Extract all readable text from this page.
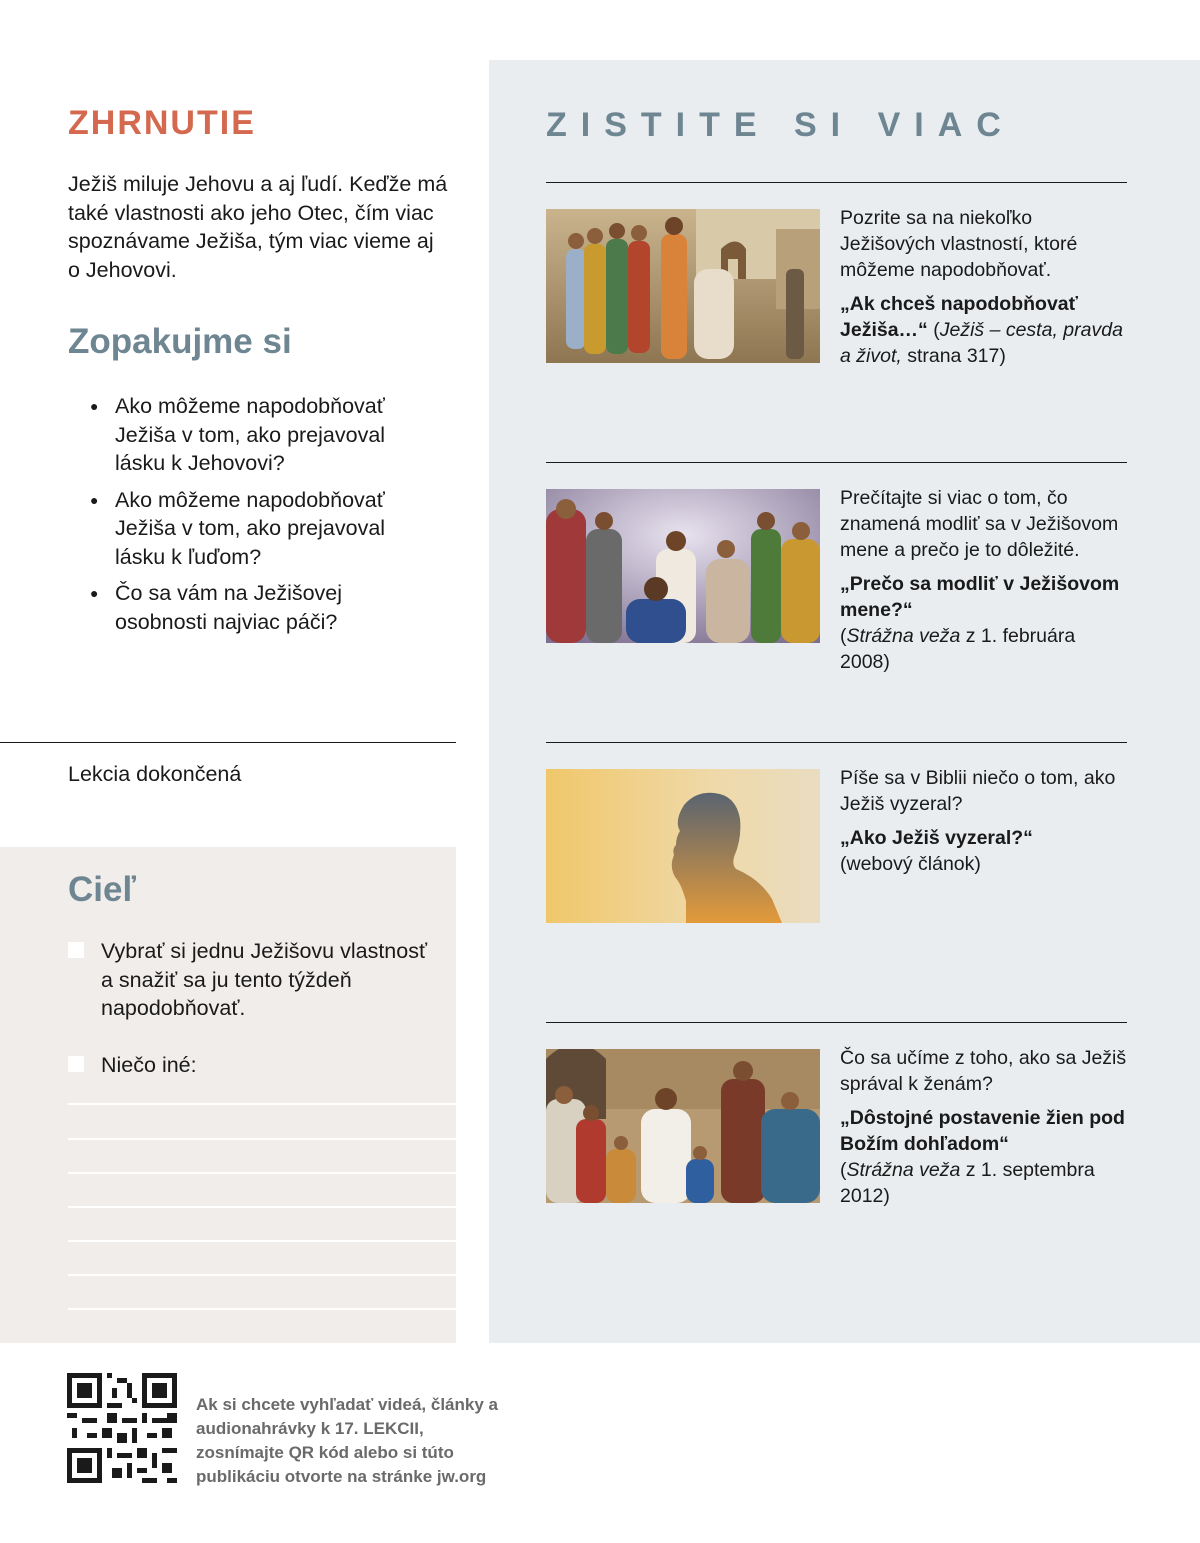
ZHRNUTIE
Ježiš miluje Jehovu a aj ľudí. Keďže má také vlastnosti ako jeho Otec, čím viac spoznávame Ježiša, tým viac vieme aj o Jehovovi.
Zopakujme si
● Ako môžeme napodobňovať Ježiša v tom, ako prejavoval lásku k Jehovovi?
● Ako môžeme napodobňovať Ježiša v tom, ako prejavoval lásku k ľuďom?
● Čo sa vám na Ježišovej osobnosti najviac páči?
Lekcia dokončená
Cieľ
Vybrať si jednu Ježišovu vlastnosť a snažiť sa ju tento týždeň napodobňovať.
Niečo iné:
ZISTITE SI VIAC
Pozrite sa na niekoľko Ježišových vlastností, ktoré môžeme napodobňovať.
„Ak chceš napodobňovať Ježiša…“ (Ježiš – cesta, pravda a život, strana 317)
Prečítajte si viac o tom, čo znamená modliť sa v Ježišovom mene a prečo je to dôležité.
„Prečo sa modliť v Ježišovom mene?“
(Strážna veža z 1. februára 2008)
Píše sa v Biblii niečo o tom, ako Ježiš vyzeral?
„Ako Ježiš vyzeral?“
(webový článok)
Čo sa učíme z toho, ako sa Ježiš správal k ženám?
„Dôstojné postavenie žien pod Božím dohľadom“
(Strážna veža z 1. septembra 2012)
Ak si chcete vyhľadať videá, články a audionahrávky k 17. LEKCII, zosnímajte QR kód alebo si túto publikáciu otvorte na stránke jw.org
